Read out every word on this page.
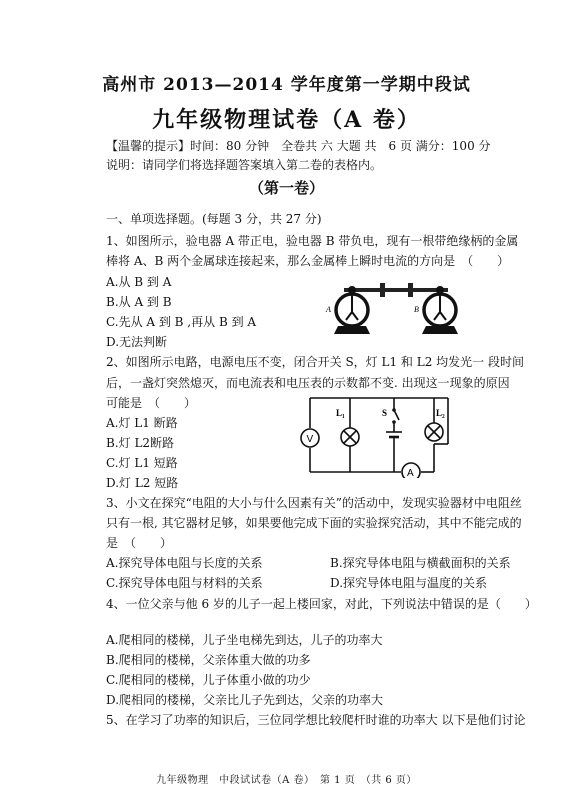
高州市 2013—2014 学年度第一学期中段试
九年级物理试卷（A 卷）
【温馨的提示】时间：80 分钟　全卷共 六 大题 共　6 页 满分：100 分
说明：请同学们将选择题答案填入第二卷的表格内。
（第一卷）
一、单项选择题。(每题 3 分，共 27 分)
1、如图所示，验电器 A 带正电，验电器 B 带负电，现有一根带绝缘柄的金属
棒将 A、B 两个金属球连接起来，那么金属棒上瞬时电流的方向是　（　　）
A.从 B 到 A
B.从 A 到 B
C.先从 A 到 B ,再从 B 到 A
D.无法判断
A	B
2、如图所示电路，电源电压不变，闭合开关 S，灯 L1 和 L2 均发光一 段时间
后，一盏灯突然熄灭，而电流表和电压表的示数都不变. 出现这一现象的原因
可能是　（　　）
A.灯 L1 断路
B.灯 L2断路
C.灯 L1 短路
D.灯 L2 短路
V
A
L₁	S	L₂
3、小文在探究“电阻的大小与什么因素有关”的活动中，发现实验器材中电阻丝
只有一根, 其它器材足够，如果要他完成下面的实验探究活动，其中不能完成的
是　（　　）
A.探究导体电阻与长度的关系	B.探究导体电阻与横截面积的关系
C.探究导体电阻与材料的关系	D.探究导体电阻与温度的关系
4、一位父亲与他 6 岁的儿子一起上楼回家，对此，下列说法中错误的是（　　）
A.爬相同的楼梯，儿子坐电梯先到达，儿子的功率大
B.爬相同的楼梯，父亲体重大做的功多
C.爬相同的楼梯，儿子体重小做的功少
D.爬相同的楼梯，父亲比儿子先到达，父亲的功率大
5、在学习了功率的知识后，三位同学想比较爬杆时谁的功率大 以下是他们讨论
九年级物理　中段试试卷（A 卷）　第 1 页　（共 6 页）
